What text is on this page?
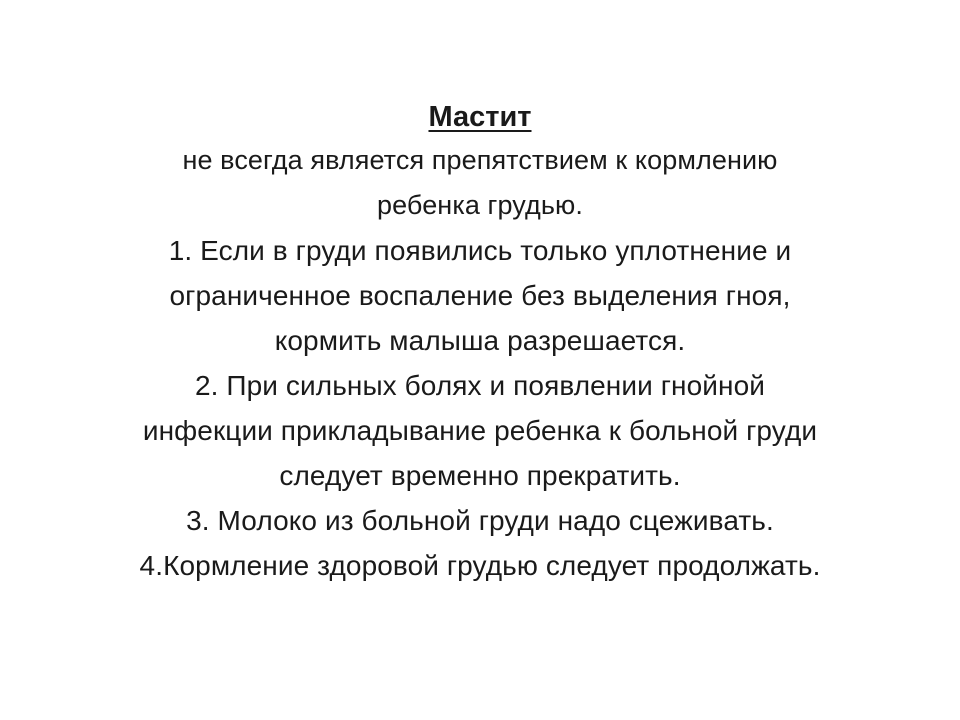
Мастит

не всегда является препятствием к кормлению

ребенка грудью.

1. Если в груди появились только уплотнение и

ограниченное воспаление без выделения гноя,

кормить малыша разрешается.

2. При сильных болях и появлении гнойной

инфекции прикладывание ребенка к больной груди

следует временно прекратить.

3. Молоко из больной груди надо сцеживать.

4.Кормление здоровой грудью следует продолжать.
